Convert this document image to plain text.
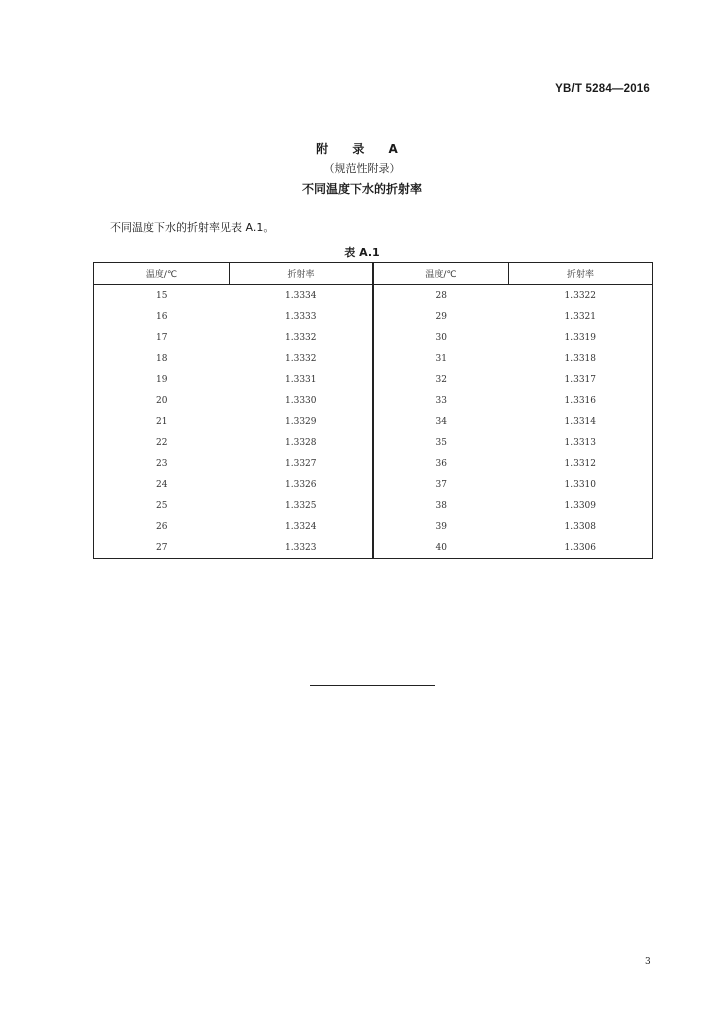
YB/T 5284—2016
附 录 A
（规范性附录）
不同温度下水的折射率
不同温度下水的折射率见表 A.1。
表 A.1
温度/℃	折射率	温度/℃	折射率
15	1.3334	28	1.3322
16	1.3333	29	1.3321
17	1.3332	30	1.3319
18	1.3332	31	1.3318
19	1.3331	32	1.3317
20	1.3330	33	1.3316
21	1.3329	34	1.3314
22	1.3328	35	1.3313
23	1.3327	36	1.3312
24	1.3326	37	1.3310
25	1.3325	38	1.3309
26	1.3324	39	1.3308
27	1.3323	40	1.3306
3
